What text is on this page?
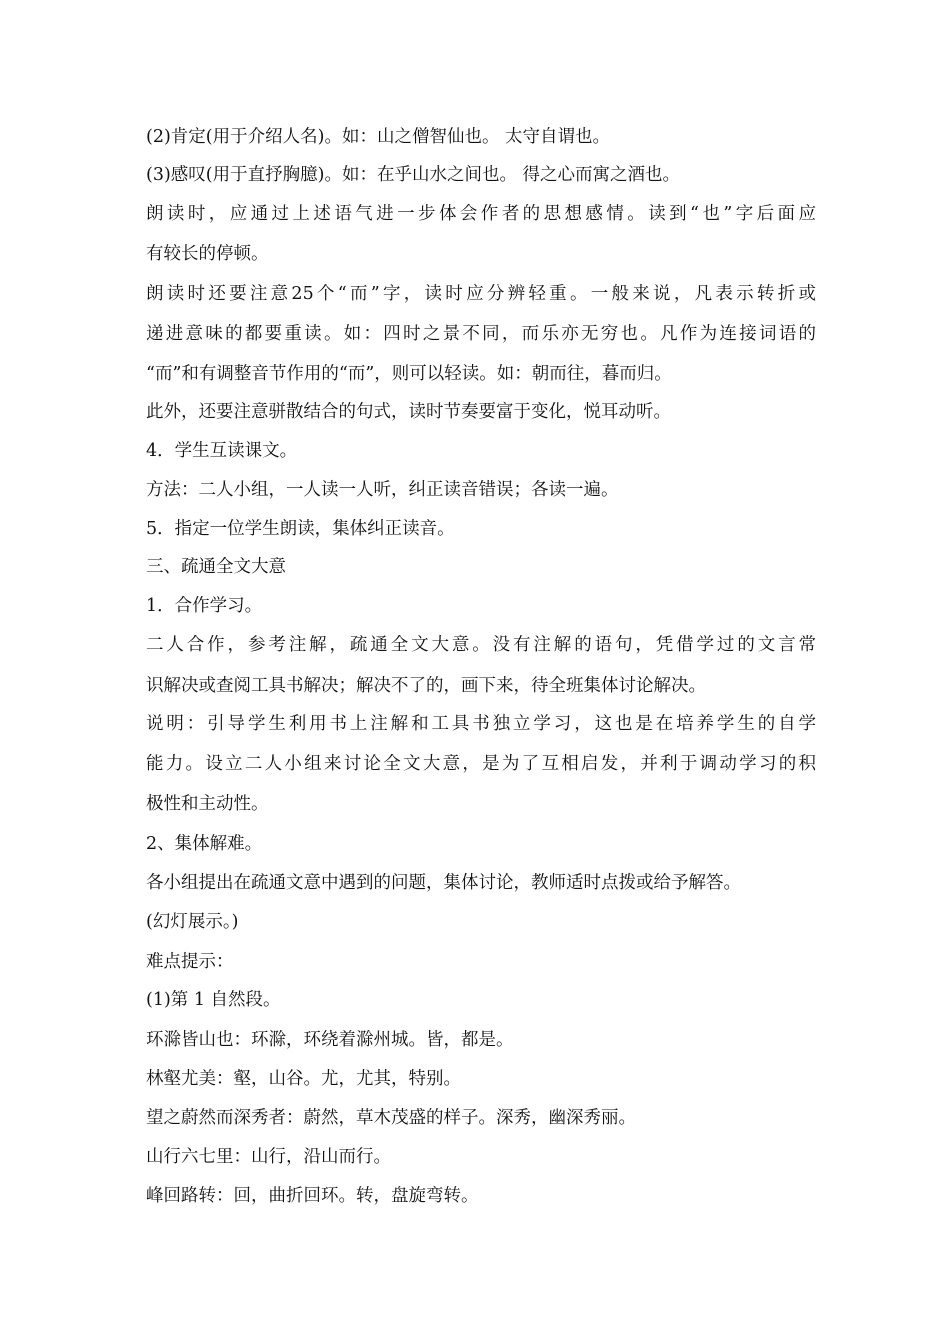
(2)肯定(用于介绍人名)。如：山之僧智仙也。 太守自谓也。
(3)感叹(用于直抒胸臆)。如：在乎山水之间也。 得之心而寓之酒也。
朗读时，应通过上述语气进一步体会作者的思想感情。读到“也”字后面应
有较长的停顿。
朗读时还要注意25个“而”字，读时应分辨轻重。一般来说，凡表示转折或
递进意味的都要重读。如：四时之景不同，而乐亦无穷也。凡作为连接词语的
“而”和有调整音节作用的“而”，则可以轻读。如：朝而往，暮而归。
此外，还要注意骈散结合的句式，读时节奏要富于变化，悦耳动听。
4．学生互读课文。
方法：二人小组，一人读一人听，纠正读音错误；各读一遍。
5．指定一位学生朗读，集体纠正读音。
三、疏通全文大意
1．合作学习。
二人合作，参考注解，疏通全文大意。没有注解的语句，凭借学过的文言常
识解决或查阅工具书解决；解决不了的，画下来，待全班集体讨论解决。
说明：引导学生利用书上注解和工具书独立学习，这也是在培养学生的自学
能力。设立二人小组来讨论全文大意，是为了互相启发，并利于调动学习的积
极性和主动性。
2、集体解难。
各小组提出在疏通文意中遇到的问题，集体讨论，教师适时点拨或给予解答。
(幻灯展示。)
难点提示：
(1)第 1 自然段。
环滁皆山也：环滁，环绕着滁州城。皆，都是。
林壑尤美：壑，山谷。尤，尤其，特别。
望之蔚然而深秀者：蔚然，草木茂盛的样子。深秀，幽深秀丽。
山行六七里：山行，沿山而行。
峰回路转：回，曲折回环。转，盘旋弯转。
